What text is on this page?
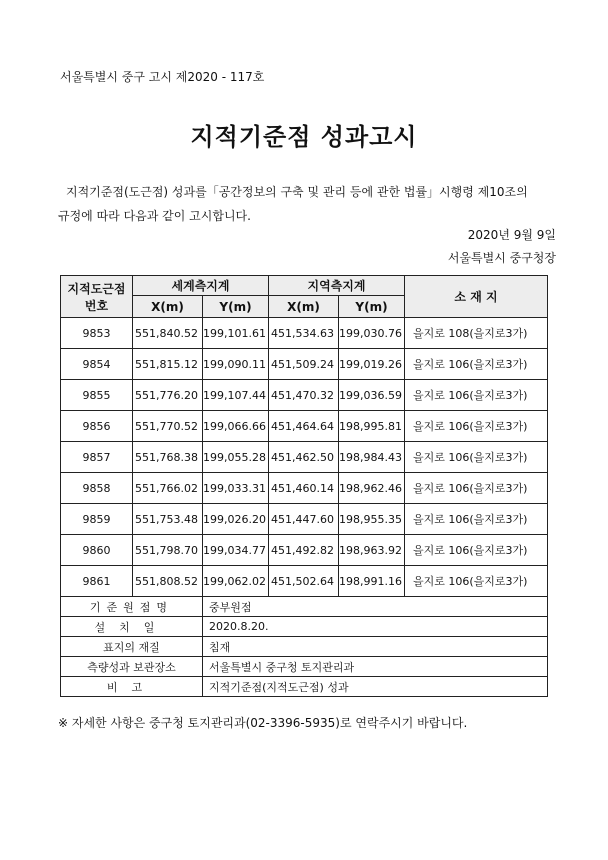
서울특별시 중구 고시 제2020 - 117호
지적기준점 성과고시
지적기준점(도근점) 성과를「공간정보의 구축 및 관리 등에 관한 법률」시행령 제10조의
규정에 따라 다음과 같이 고시합니다.
2020년 9월 9일
서울특별시 중구청장
지적도근점 번호	세계측지계		지역측지계		소 재 지
	X(m)	Y(m)	X(m)	Y(m)	
9853	551,840.52	199,101.61	451,534.63	199,030.76	을지로 108(을지로3가)
9854	551,815.12	199,090.11	451,509.24	199,019.26	을지로 106(을지로3가)
9855	551,776.20	199,107.44	451,470.32	199,036.59	을지로 106(을지로3가)
9856	551,770.52	199,066.66	451,464.64	198,995.81	을지로 106(을지로3가)
9857	551,768.38	199,055.28	451,462.50	198,984.43	을지로 106(을지로3가)
9858	551,766.02	199,033.31	451,460.14	198,962.46	을지로 106(을지로3가)
9859	551,753.48	199,026.20	451,447.60	198,955.35	을지로 106(을지로3가)
9860	551,798.70	199,034.77	451,492.82	198,963.92	을지로 106(을지로3가)
9861	551,808.52	199,062.02	451,502.64	198,991.16	을지로 106(을지로3가)
기준원점명		중부원점			
설치일		2020.8.20.			
표지의 재질		침재			
측량성과 보관장소		서울특별시 중구청 토지관리과			
비고		지적기준점(지적도근점) 성과			
※ 자세한 사항은 중구청 토지관리과(02-3396-5935)로 연락주시기 바랍니다.
